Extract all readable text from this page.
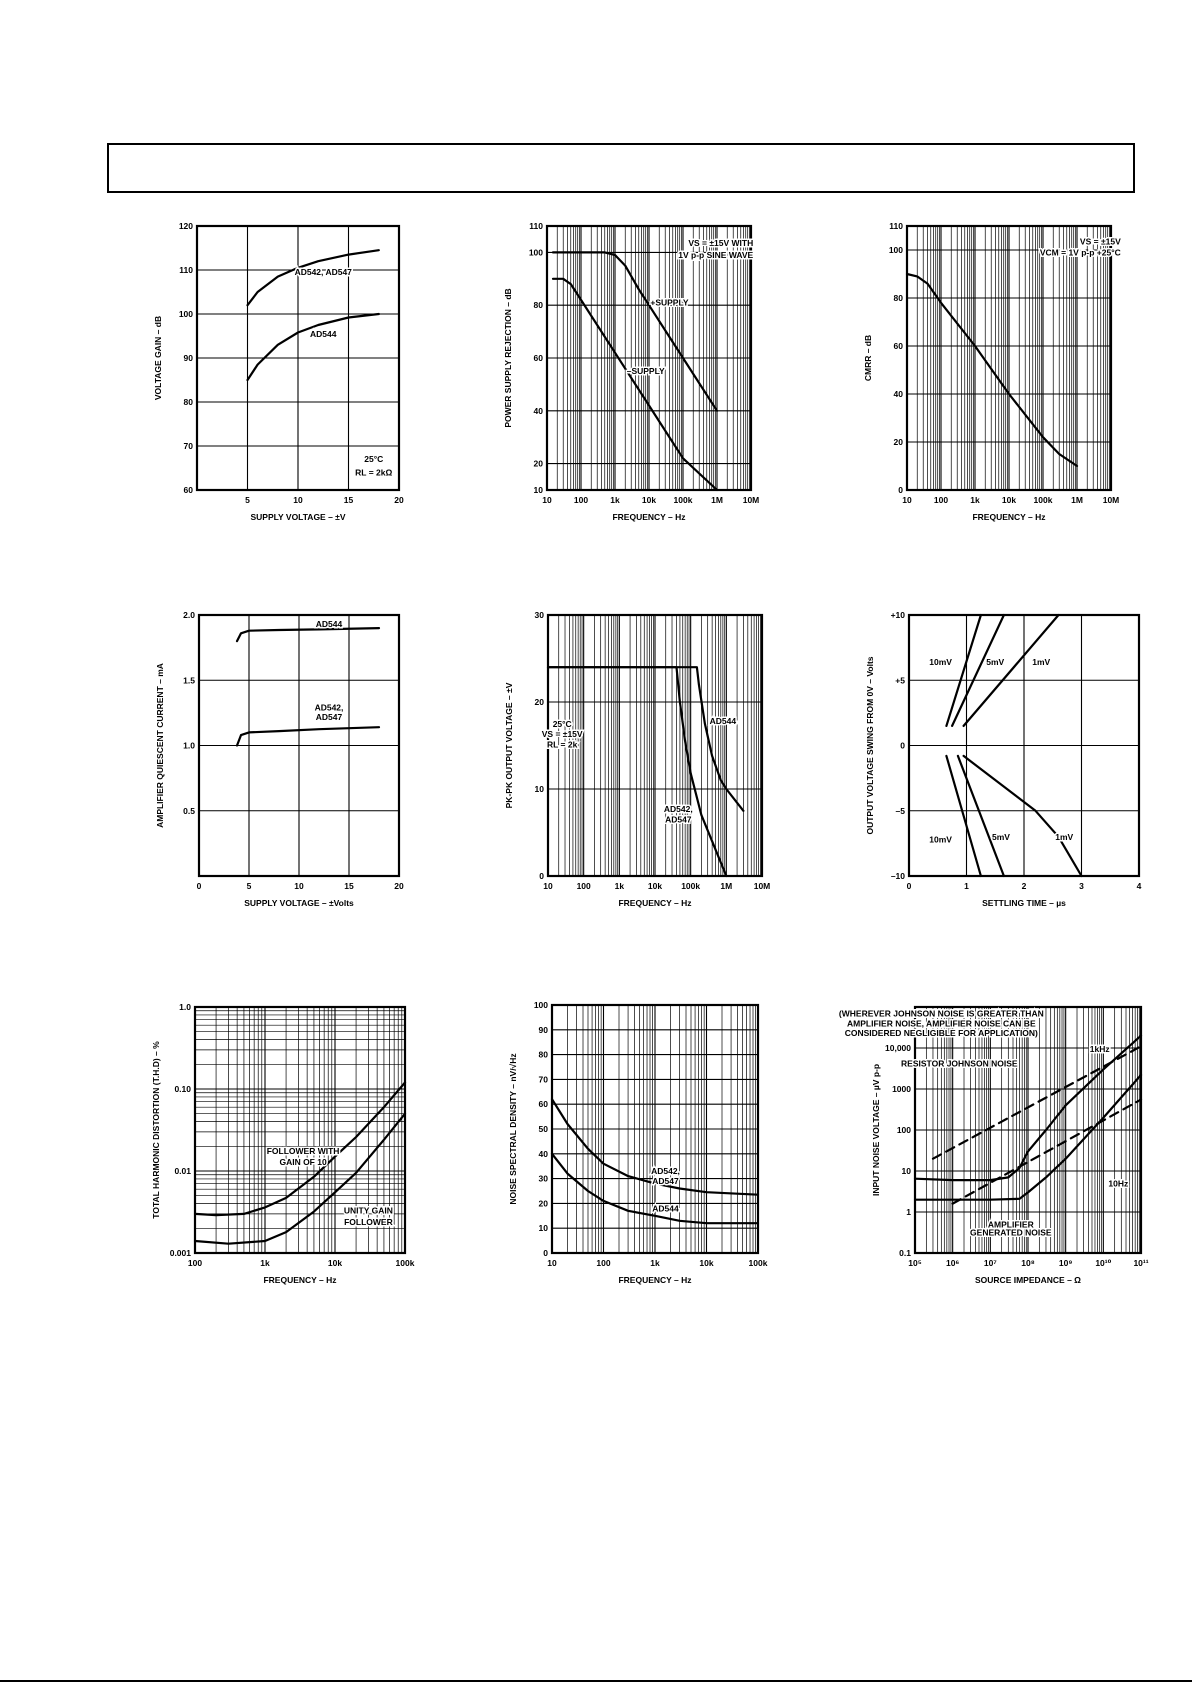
5	10	15	20
60
70
80
90
100
110
120
SUPPLY VOLTAGE – ±V
VOLTAGE GAIN – dB
AD542, AD547
AD544
25°C
RL = 2kΩ
10	100	1k	10k 100k 1M 10M
10
20
40
60
80
100
110
FREQUENCY – Hz
POWER SUPPLY REJECTION – dB
VS = ±15V WITH
1V p-p SINE WAVE
+SUPPLY
–SUPPLY
10	100	1k	10k 100k 1M 10M
0
20
40
60
80
100
110
FREQUENCY – Hz
CMRR – dB
VS = ±15V
VCM = 1V p-p +25°C
0	5	10	15	20
0.5
1.0
1.5
2.0
SUPPLY VOLTAGE – ±Volts
AMPLIFIER QUIESCENT CURRENT – mA
AD544
AD542,
AD547
10	100	1k	10k 100k 1M	10M
0
10
20
30
FREQUENCY – Hz
PK-PK OUTPUT VOLTAGE – ±V	25°C
VS = ±15V
RL = 2k
AD544
AD542,
AD547
0	1	2	3	4
+10
+5
0
–5
–10
SETTLING TIME – µs
OUTPUT VOLTAGE SWING FROM 0V – Volts	10mV	5mV	1mV
10mV	5mV	1mV
100	1k	10k	100k
0.001
0.01
0.10
1.0
FREQUENCY – Hz
TOTAL HARMONIC DISTORTION (T.H.D) – %	FOLLOWER WITH
GAIN OF 10
UNITY GAIN
FOLLOWER
10	100	1k	10k	100k
0
10
20
30
40
50
60
70
80
90
100
FREQUENCY – Hz
NOISE SPECTRAL DENSITY – nV/√Hz	AD542,
AD547
AD544
10⁵	10⁶	10⁷	10⁸	10⁹	10¹⁰	10¹¹
0.1
1
10
100
1000
10,000
SOURCE IMPEDANCE – Ω
INPUT NOISE VOLTAGE – µV p-p
(WHEREVER JOHNSON NOISE IS GREATER THAN
AMPLIFIER NOISE, AMPLIFIER NOISE CAN BE
CONSIDERED NEGLIGIBLE FOR APPLICATION)
RESISTOR JOHNSON NOISE
1kHz
10Hz
AMPLIFIER
GENERATED NOISE
